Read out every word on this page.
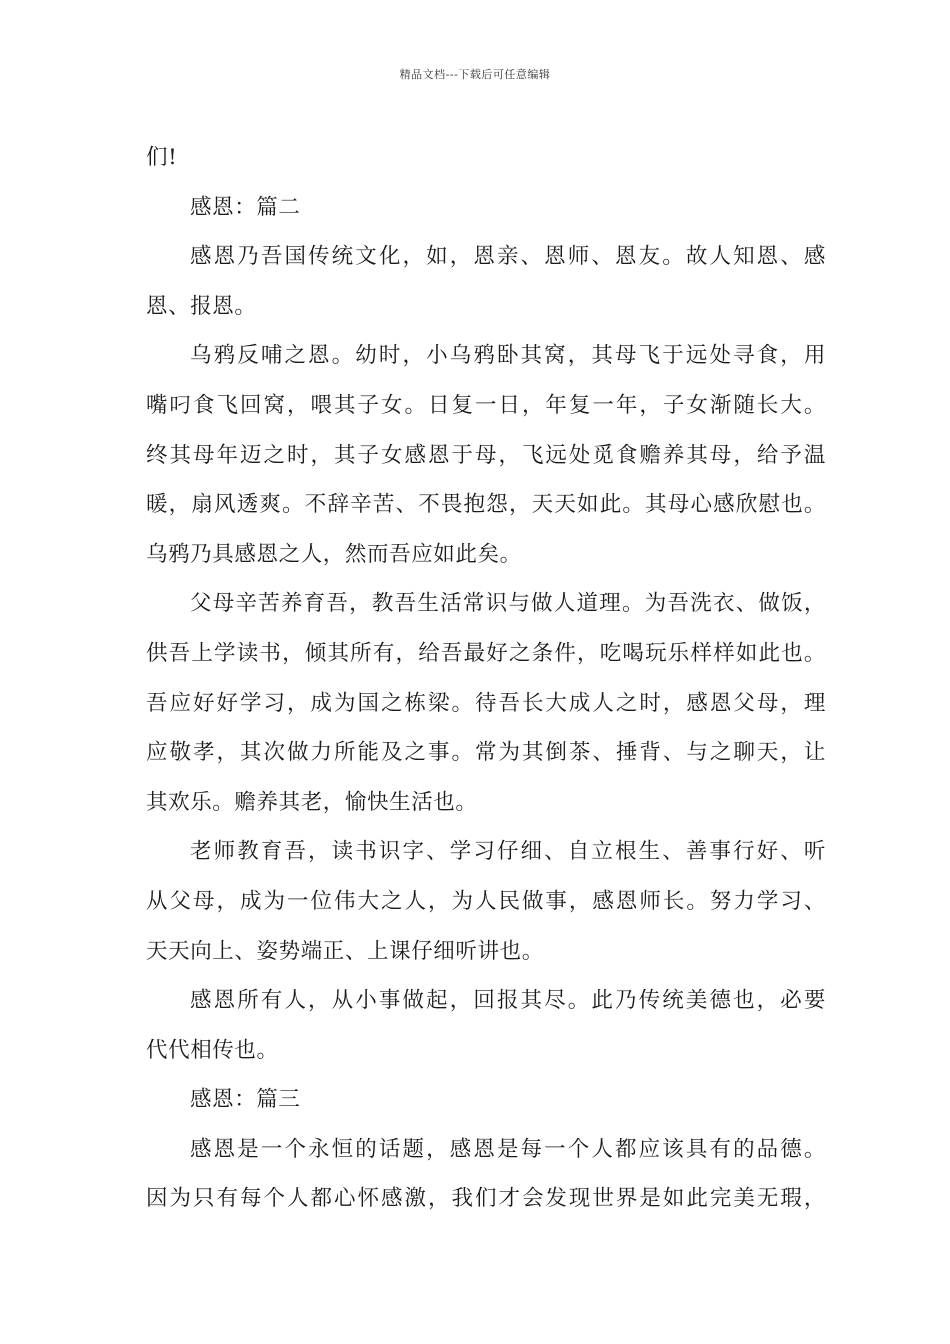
精品文档---下载后可任意编辑
们!
感恩：篇二
感恩乃吾国传统文化，如，恩亲、恩师、恩友。故人知恩、感
恩、报恩。
乌鸦反哺之恩。幼时，小乌鸦卧其窝，其母飞于远处寻食，用
嘴叼食飞回窝，喂其子女。日复一日，年复一年，子女渐随长大。
终其母年迈之时，其子女感恩于母，飞远处觅食赡养其母，给予温
暖，扇风透爽。不辞辛苦、不畏抱怨，天天如此。其母心感欣慰也。
乌鸦乃具感恩之人，然而吾应如此矣。
父母辛苦养育吾，教吾生活常识与做人道理。为吾洗衣、做饭，
供吾上学读书，倾其所有，给吾最好之条件，吃喝玩乐样样如此也。
吾应好好学习，成为国之栋梁。待吾长大成人之时，感恩父母，理
应敬孝，其次做力所能及之事。常为其倒茶、捶背、与之聊天，让
其欢乐。赡养其老，愉快生活也。
老师教育吾，读书识字、学习仔细、自立根生、善事行好、听
从父母，成为一位伟大之人，为人民做事，感恩师长。努力学习、
天天向上、姿势端正、上课仔细听讲也。
感恩所有人，从小事做起，回报其尽。此乃传统美德也，必要
代代相传也。
感恩：篇三
感恩是一个永恒的话题，感恩是每一个人都应该具有的品德。
因为只有每个人都心怀感激，我们才会发现世界是如此完美无瑕，
